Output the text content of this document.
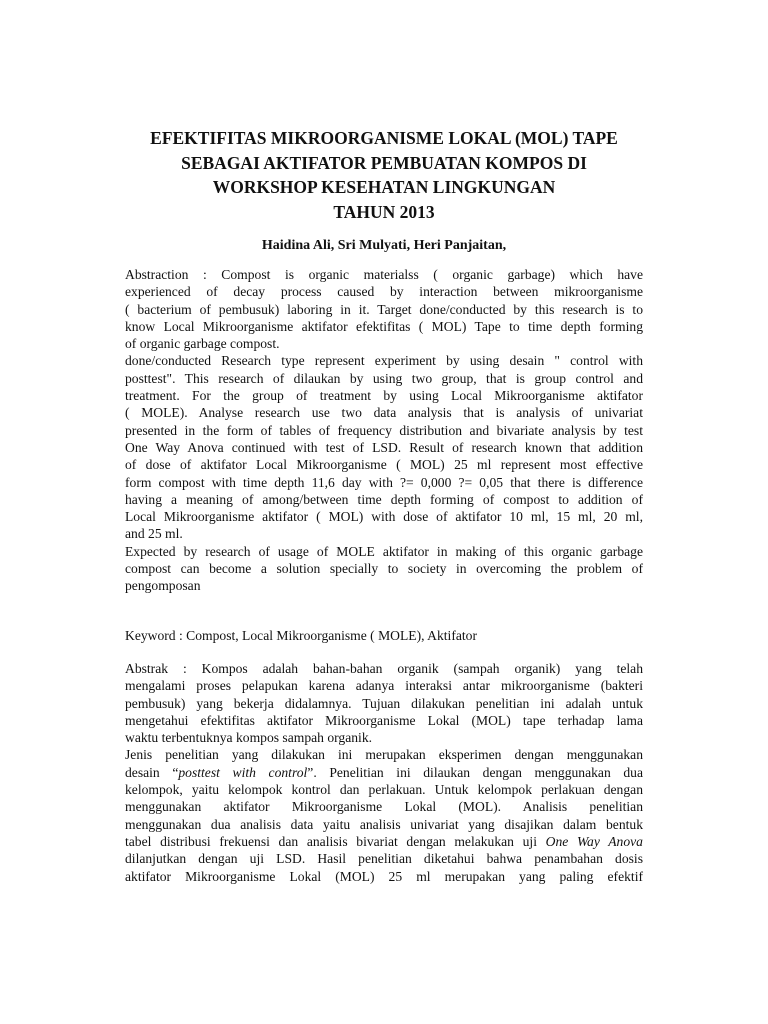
EFEKTIFITAS MIKROORGANISME LOKAL (MOL) TAPE
SEBAGAI AKTIFATOR PEMBUATAN KOMPOS DI
WORKSHOP KESEHATAN LINGKUNGAN
TAHUN 2013
Haidina Ali, Sri Mulyati, Heri Panjaitan,
Abstraction : Compost is organic materialss ( organic garbage) which have
experienced of decay process caused by interaction between mikroorganisme
( bacterium of pembusuk) laboring in it. Target done/conducted by this research is to
know Local Mikroorganisme aktifator efektifitas ( MOL) Tape to time depth forming
of organic garbage compost.
done/conducted Research type represent experiment by using desain " control with
posttest". This research of dilaukan by using two group, that is group control and
treatment. For the group of treatment by using Local Mikroorganisme aktifator
( MOLE). Analyse research use two data analysis that is analysis of univariat
presented in the form of tables of frequency distribution and bivariate analysis by test
One Way Anova continued with test of LSD. Result of research known that addition
of dose of aktifator Local Mikroorganisme ( MOL) 25 ml represent most effective
form compost with time depth 11,6 day with ?= 0,000 ?= 0,05 that there is difference
having a meaning of among/between time depth forming of compost to addition of
Local Mikroorganisme aktifator ( MOL) with dose of aktifator 10 ml, 15 ml, 20 ml,
and 25 ml.
Expected by research of usage of MOLE aktifator in making of this organic garbage
compost can become a solution specially to society in overcoming the problem of
pengomposan
Keyword : Compost, Local Mikroorganisme ( MOLE), Aktifator
Abstrak : Kompos adalah bahan-bahan organik (sampah organik) yang telah
mengalami proses pelapukan karena adanya interaksi antar mikroorganisme (bakteri
pembusuk) yang bekerja didalamnya. Tujuan dilakukan penelitian ini adalah untuk
mengetahui efektifitas aktifator Mikroorganisme Lokal (MOL) tape terhadap lama
waktu terbentuknya kompos sampah organik.
Jenis penelitian yang dilakukan ini merupakan eksperimen dengan menggunakan
desain “posttest with control”. Penelitian ini dilaukan dengan menggunakan dua
kelompok, yaitu kelompok kontrol dan perlakuan. Untuk kelompok perlakuan dengan
menggunakan aktifator Mikroorganisme Lokal (MOL). Analisis penelitian
menggunakan dua analisis data yaitu analisis univariat yang disajikan dalam bentuk
tabel distribusi frekuensi dan analisis bivariat dengan melakukan uji One Way Anova
dilanjutkan dengan uji LSD. Hasil penelitian diketahui bahwa penambahan dosis
aktifator Mikroorganisme Lokal (MOL) 25 ml merupakan yang paling efektif
